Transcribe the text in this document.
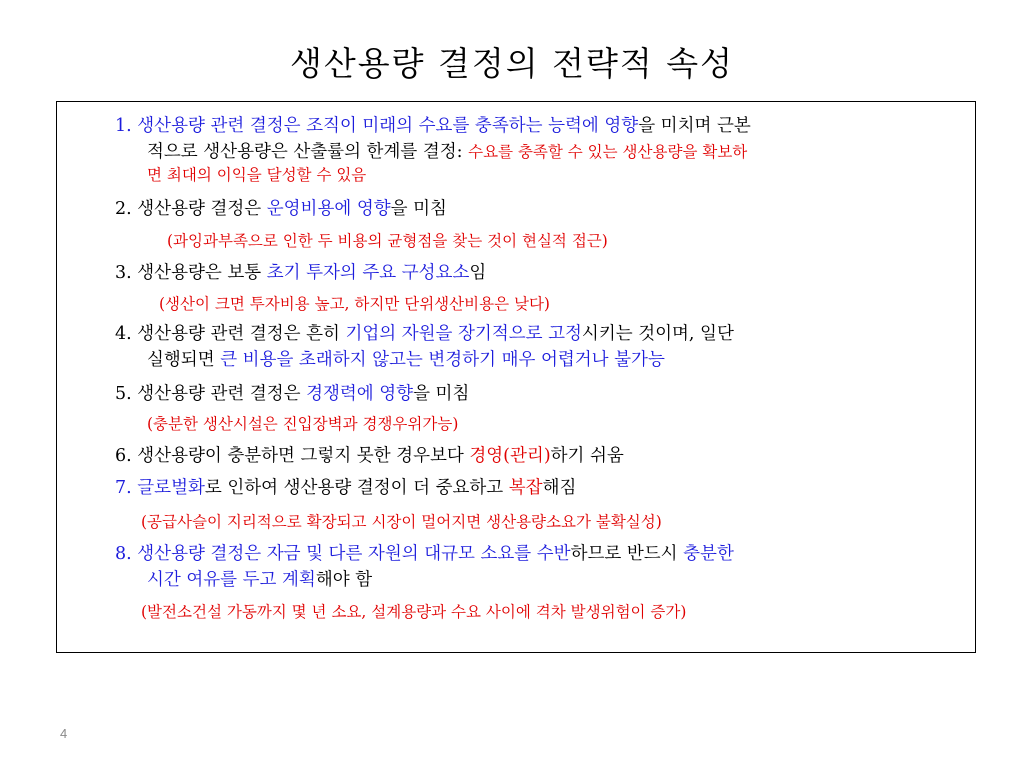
생산용량 결정의 전략적 속성
1. 생산용량 관련 결정은 조직이 미래의 수요를 충족하는 능력에 영향을 미치며 근본
적으로 생산용량은 산출률의 한계를 결정: 수요를 충족할 수 있는 생산용량을 확보하
면 최대의 이익을 달성할 수 있음
2. 생산용량 결정은 운영비용에 영향을 미침
(과잉과부족으로 인한 두 비용의 균형점을 찾는 것이 현실적 접근)
3. 생산용량은 보통 초기 투자의 주요 구성요소임
(생산이 크면 투자비용 높고, 하지만 단위생산비용은 낮다)
4. 생산용량 관련 결정은 흔히 기업의 자원을 장기적으로 고정시키는 것이며, 일단
실행되면 큰 비용을 초래하지 않고는 변경하기 매우 어렵거나 불가능
5. 생산용량 관련 결정은 경쟁력에 영향을 미침
(충분한 생산시설은 진입장벽과 경쟁우위가능)
6. 생산용량이 충분하면 그렇지 못한 경우보다 경영(관리)하기 쉬움
7. 글로벌화로 인하여 생산용량 결정이 더 중요하고 복잡해짐
(공급사슬이 지리적으로 확장되고 시장이 멀어지면 생산용량소요가 불확실성)
8. 생산용량 결정은 자금 및 다른 자원의 대규모 소요를 수반하므로 반드시 충분한
시간 여유를 두고 계획해야 함
(발전소건설 가동까지 몇 년 소요, 설계용량과 수요 사이에 격차 발생위험이 증가)
4
